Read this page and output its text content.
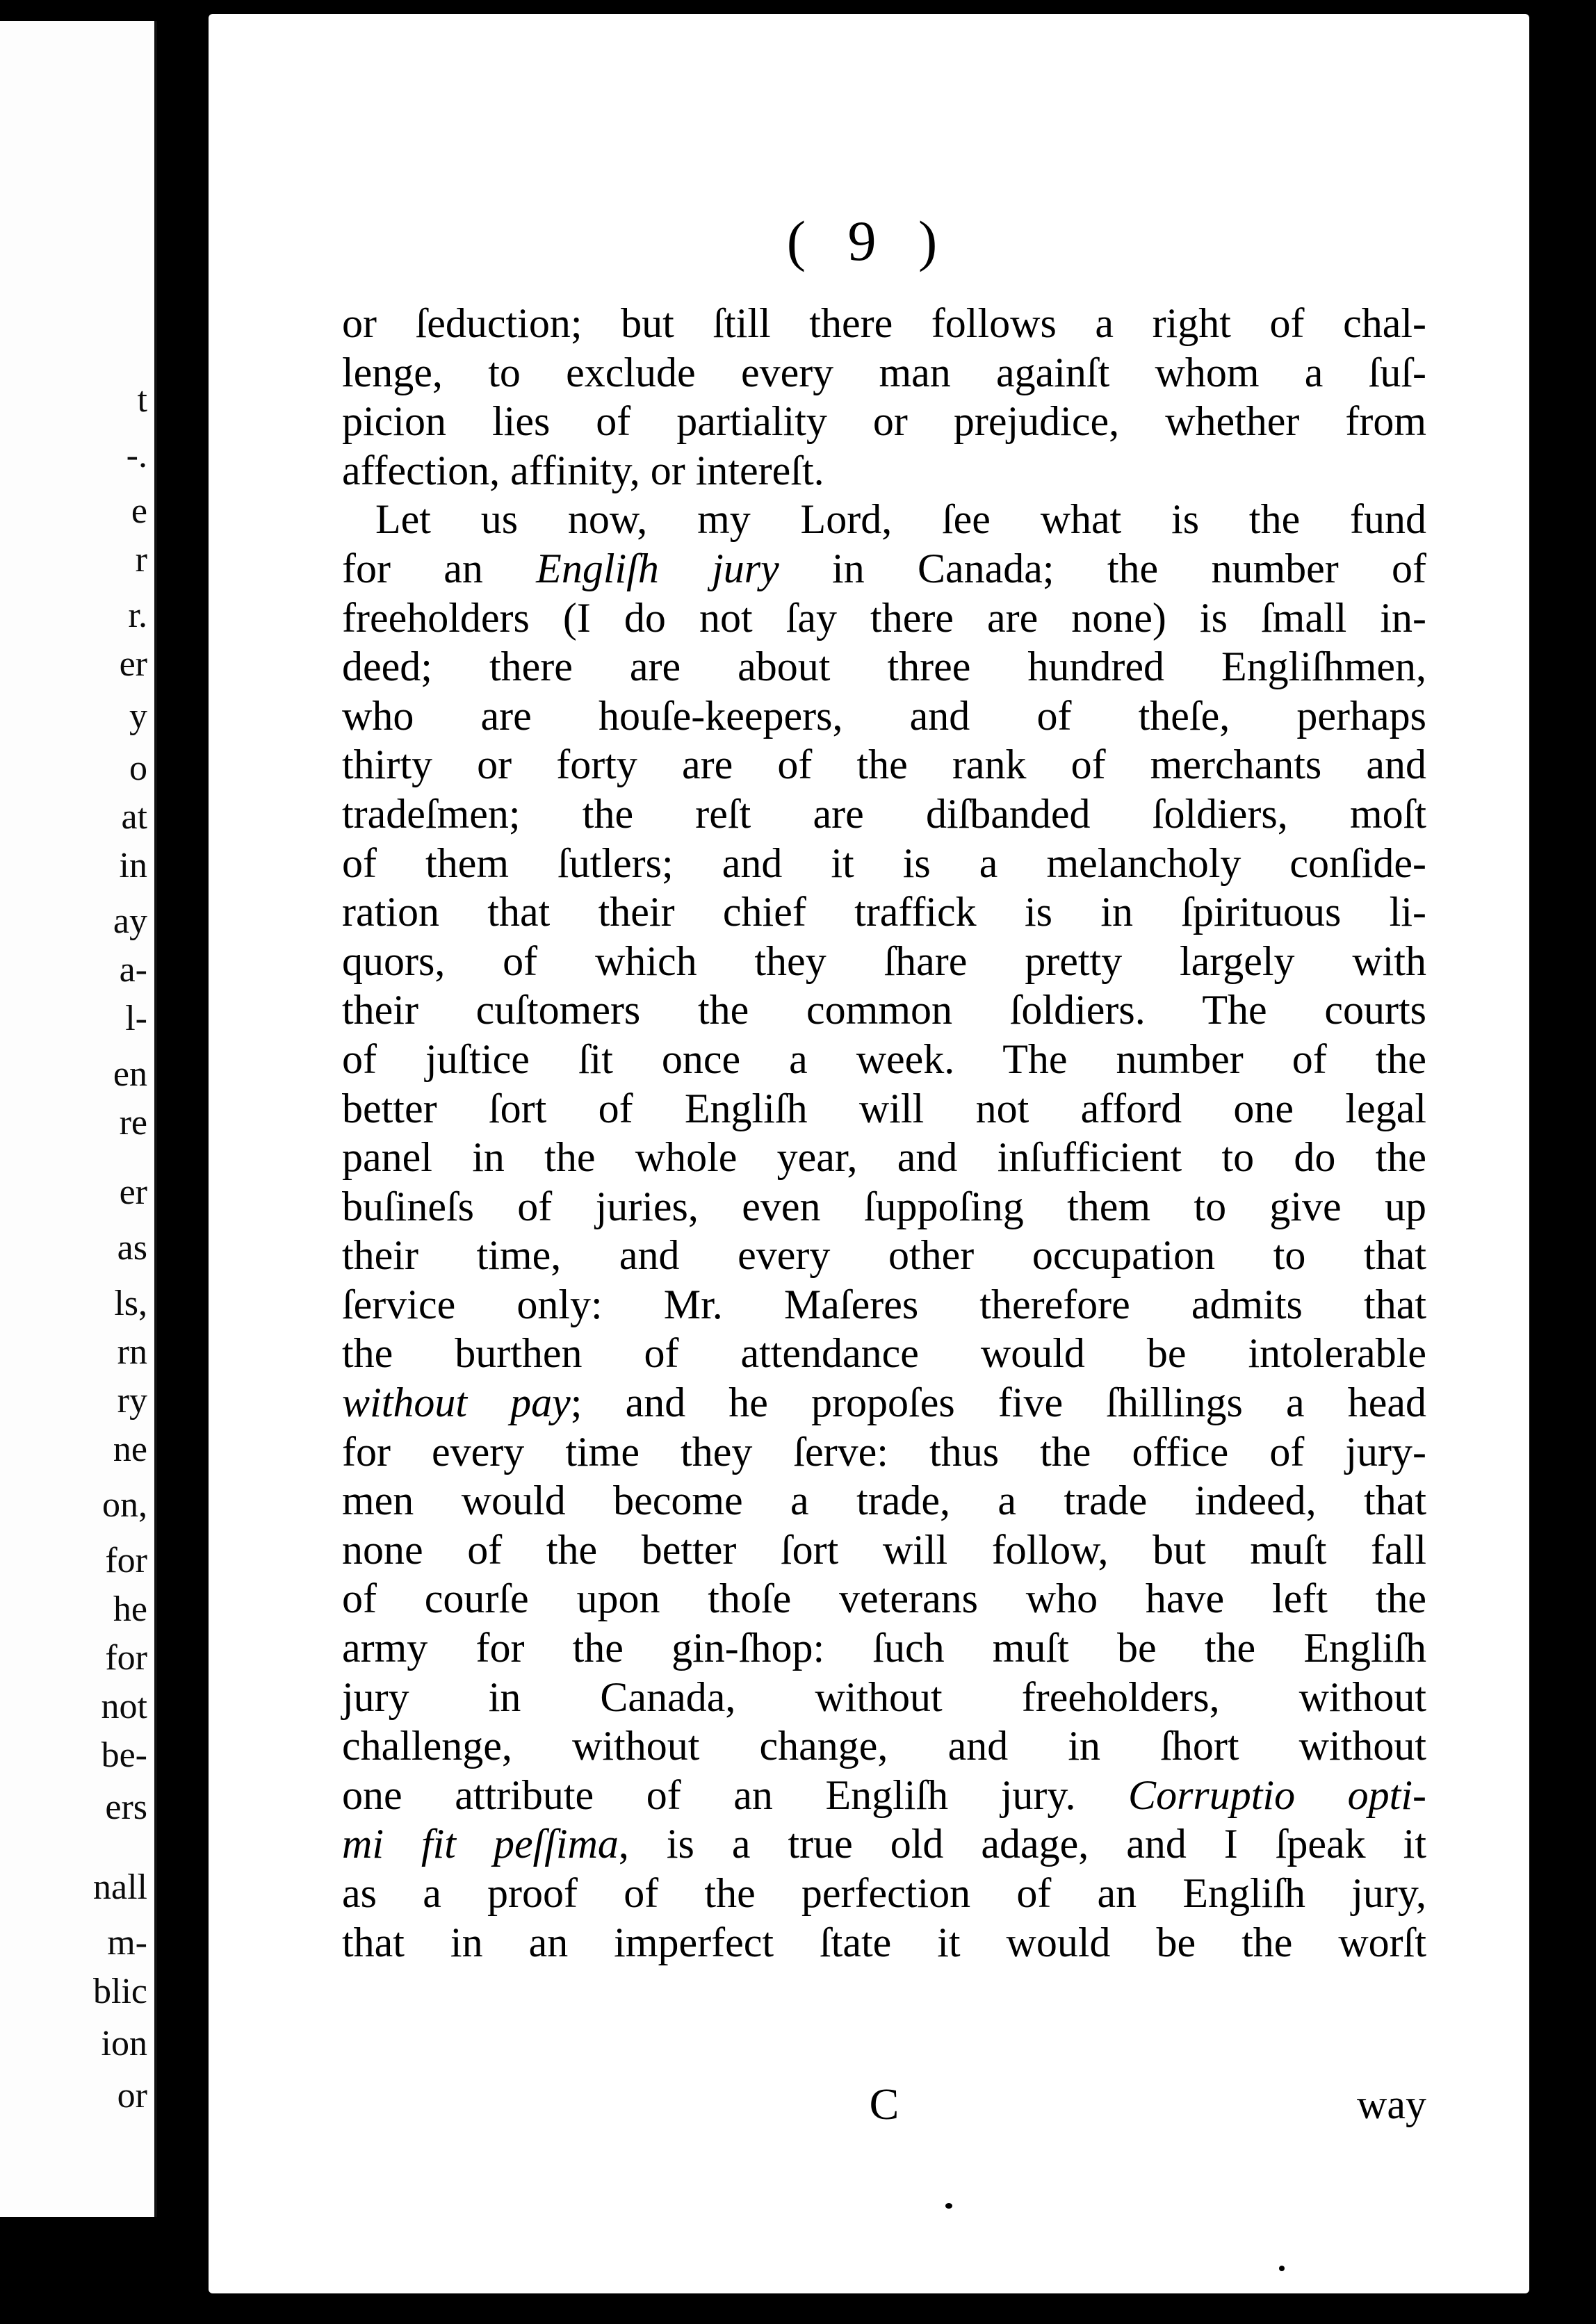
t
-.
e
r
r.
er
y
o
at
in
ay
a-
l-
en
re
er
as
ls,
rn
ry
ne
on,
for
he
for
not
be-
ers
nall
m-
blic
ion
or
( 9 )
or ſeduction; but ſtill there follows a right of chal-
lenge, to exclude every man againſt whom a ſuſ-
picion lies of partiality or prejudice, whether from
affection, affinity, or intereſt.
Let us now, my Lord, ſee what is the fund
for an Engliſh jury in Canada; the number of
freeholders (I do not ſay there are none) is ſmall in-
deed; there are about three hundred Engliſhmen,
who are houſe-keepers, and of theſe, perhaps
thirty or forty are of the rank of merchants and
tradeſmen; the reſt are diſbanded ſoldiers, moſt
of them ſutlers; and it is a melancholy conſide-
ration that their chief traffick is in ſpirituous li-
quors, of which they ſhare pretty largely with
their cuſtomers the common ſoldiers. The courts
of juſtice ſit once a week. The number of the
better ſort of Engliſh will not afford one legal
panel in the whole year, and inſufficient to do the
buſineſs of juries, even ſuppoſing them to give up
their time, and every other occupation to that
ſervice only: Mr. Maſeres therefore admits that
the burthen of attendance would be intolerable
without pay; and he propoſes five ſhillings a head
for every time they ſerve: thus the office of jury-
men would become a trade, a trade indeed, that
none of the better ſort will follow, but muſt fall
of courſe upon thoſe veterans who have left the
army for the gin-ſhop: ſuch muſt be the Engliſh
jury in Canada, without freeholders, without
challenge, without change, and in ſhort without
one attribute of an Engliſh jury. Corruptio opti-
mi fit peſſima, is a true old adage, and I ſpeak it
as a proof of the perfection of an Engliſh jury,
that in an imperfect ſtate it would be the worſt
C	way
